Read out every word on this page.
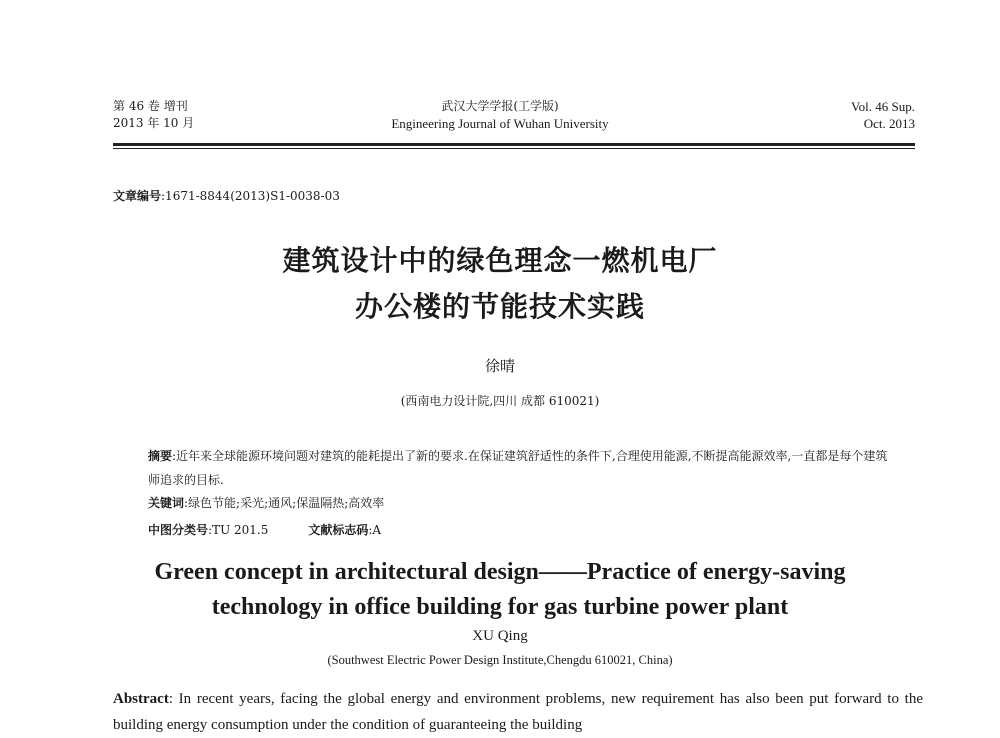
第 46 卷 增刊
2013 年 10 月
武汉大学学报(工学版)
Engineering Journal of Wuhan University
Vol. 46 Sup.
Oct. 2013
文章编号:1671-8844(2013)S1-0038-03
建筑设计中的绿色理念一燃机电厂
办公楼的节能技术实践
徐晴
(西南电力设计院,四川 成都 610021)
摘要:近年来全球能源环境问题对建筑的能耗提出了新的要求.在保证建筑舒适性的条件下,合理使用能源,不断提高能源效率,一直都是每个建筑师追求的目标.
关键词:绿色节能;采光;通风;保温隔热;高效率
中图分类号:TU 201.5	文献标志码:A
Green concept in architectural design——Practice of energy-saving
technology in office building for gas turbine power plant
XU Qing
(Southwest Electric Power Design Institute,Chengdu 610021, China)
Abstract: In recent years, facing the global energy and environment problems, new requirement has also been put forward to the building energy consumption under the condition of guaranteeing the building
